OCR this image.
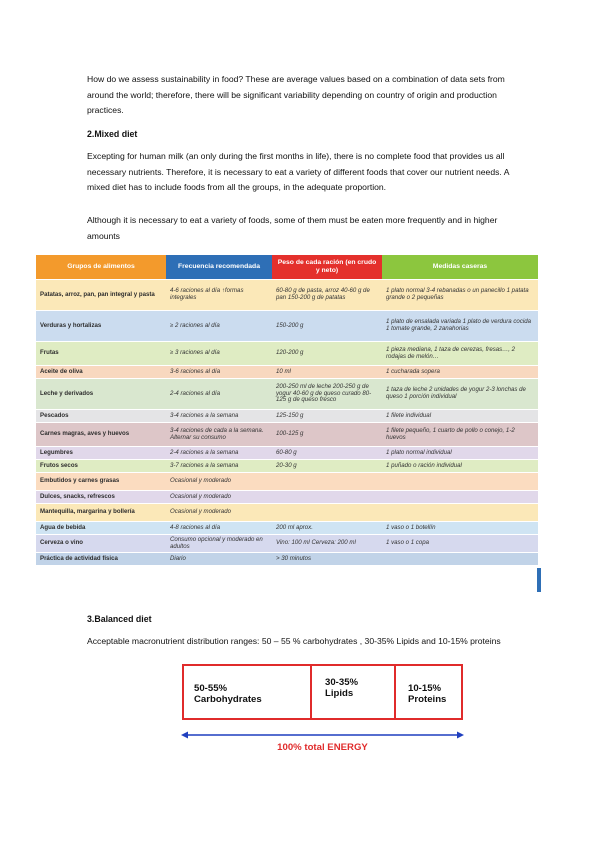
How do we assess sustainability in food? These are average values based on a combination of data sets from around the world; therefore, there will be significant variability depending on country of origin and production practices.

2.Mixed diet

Excepting for human milk (an only during the first months in life), there is no complete food that provides us all necessary nutrients. Therefore, it is necessary to eat a variety of different foods that cover our nutrient needs. A mixed diet has to include foods from all the groups, in the adequate proportion.

Although it is necessary to eat a variety of foods, some of them must be eaten more frequently and in higher amounts

Grupos de alimentos	Frecuencia recomendada	Peso de cada ración (en crudo y neto)	Medidas caseras
Patatas, arroz, pan, pan integral y pasta	4-6 raciones al día ↑formas integrales	60-80 g de pasta, arroz 40-60 g de pan 150-200 g de patatas	1 plato normal 3-4 rebanadas o un panecillo 1 patata grande o 2 pequeñas
Verduras y hortalizas	≥ 2 raciones al día	150-200 g	1 plato de ensalada variada 1 plato de verdura cocida 1 tomate grande, 2 zanahorias
Frutas	≥ 3 raciones al día	120-200 g	1 pieza mediana, 1 taza de cerezas, fresas…, 2 rodajas de melón…
Aceite de oliva	3-6 raciones al día	10 ml	1 cucharada sopera
Leche y derivados	2-4 raciones al día	200-250 ml de leche 200-250 g de yogur 40-60 g de queso curado 80-125 g de queso fresco	1 taza de leche 2 unidades de yogur 2-3 lonchas de queso 1 porción individual
Pescados	3-4 raciones a la semana	125-150 g	1 filete individual
Carnes magras, aves y huevos	3-4 raciones de cada a la semana. Alternar su consumo	100-125 g	1 filete pequeño, 1 cuarto de pollo o conejo, 1-2 huevos
Legumbres	2-4 raciones a la semana	60-80 g	1 plato normal individual
Frutos secos	3-7 raciones a la semana	20-30 g	1 puñado o ración individual
Embutidos y carnes grasas	Ocasional y moderado		
Dulces, snacks, refrescos	Ocasional y moderado		
Mantequilla, margarina y bollería	Ocasional y moderado		
Agua de bebida	4-8 raciones al día	200 ml aprox.	1 vaso o 1 botellín
Cerveza o vino	Consumo opcional y moderado en adultos	Vino: 100 ml Cerveza: 200 ml	1 vaso o 1 copa
Práctica de actividad física	Diario	> 30 minutos	

3.Balanced diet

Acceptable macronutrient distribution ranges: 50 – 55 % carbohydrates , 30-35% Lipids and 10-15% proteins

50-55%
Carbohydrates
30-35%
Lipids	10-15%
Proteins

100% total ENERGY
